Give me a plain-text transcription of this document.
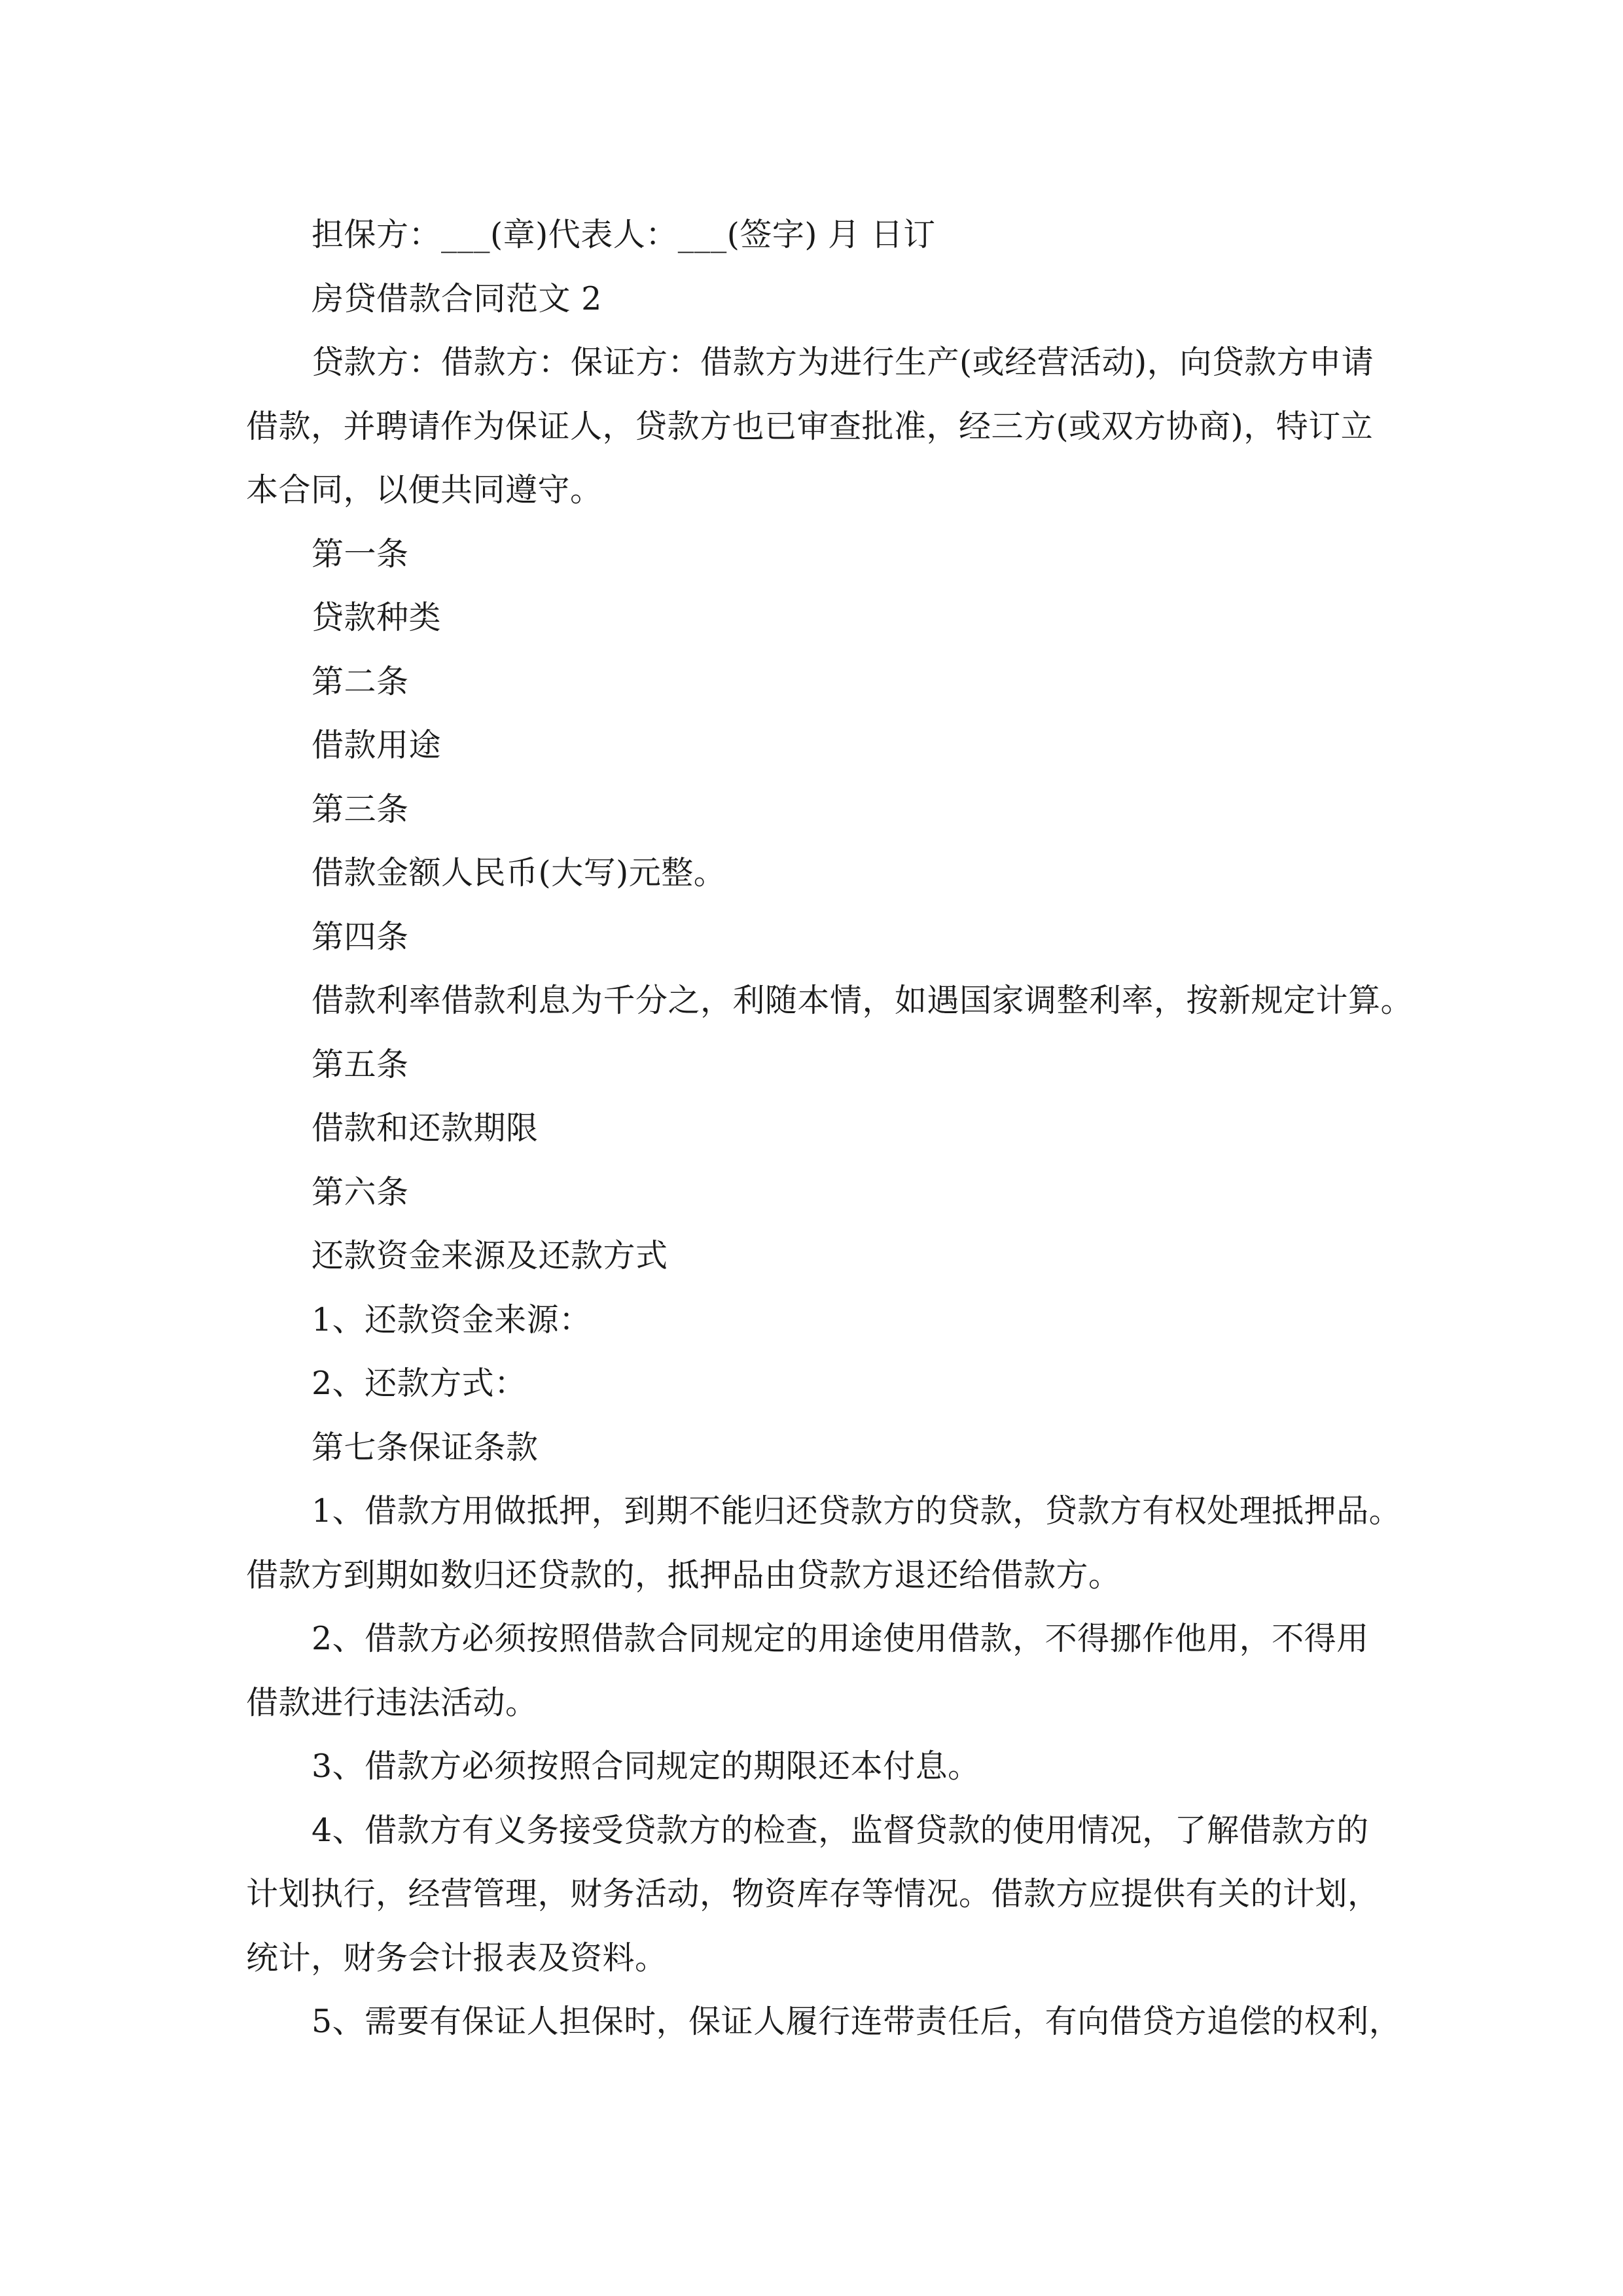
担保方：___(章)代表人：___(签字) 月 日订
房贷借款合同范文 2
贷款方：借款方：保证方：借款方为进行生产(或经营活动)，向贷款方申请
借款，并聘请作为保证人，贷款方也已审查批准，经三方(或双方协商)，特订立
本合同，以便共同遵守。
第一条
贷款种类
第二条
借款用途
第三条
借款金额人民币(大写)元整。
第四条
借款利率借款利息为千分之，利随本情，如遇国家调整利率，按新规定计算。
第五条
借款和还款期限
第六条
还款资金来源及还款方式
1、还款资金来源：
2、还款方式：
第七条保证条款
1、借款方用做抵押，到期不能归还贷款方的贷款，贷款方有权处理抵押品。
借款方到期如数归还贷款的，抵押品由贷款方退还给借款方。
2、借款方必须按照借款合同规定的用途使用借款，不得挪作他用，不得用
借款进行违法活动。
3、借款方必须按照合同规定的期限还本付息。
4、借款方有义务接受贷款方的检查，监督贷款的使用情况，了解借款方的
计划执行，经营管理，财务活动，物资库存等情况。借款方应提供有关的计划，
统计，财务会计报表及资料。
5、需要有保证人担保时，保证人履行连带责任后，有向借贷方追偿的权利，
